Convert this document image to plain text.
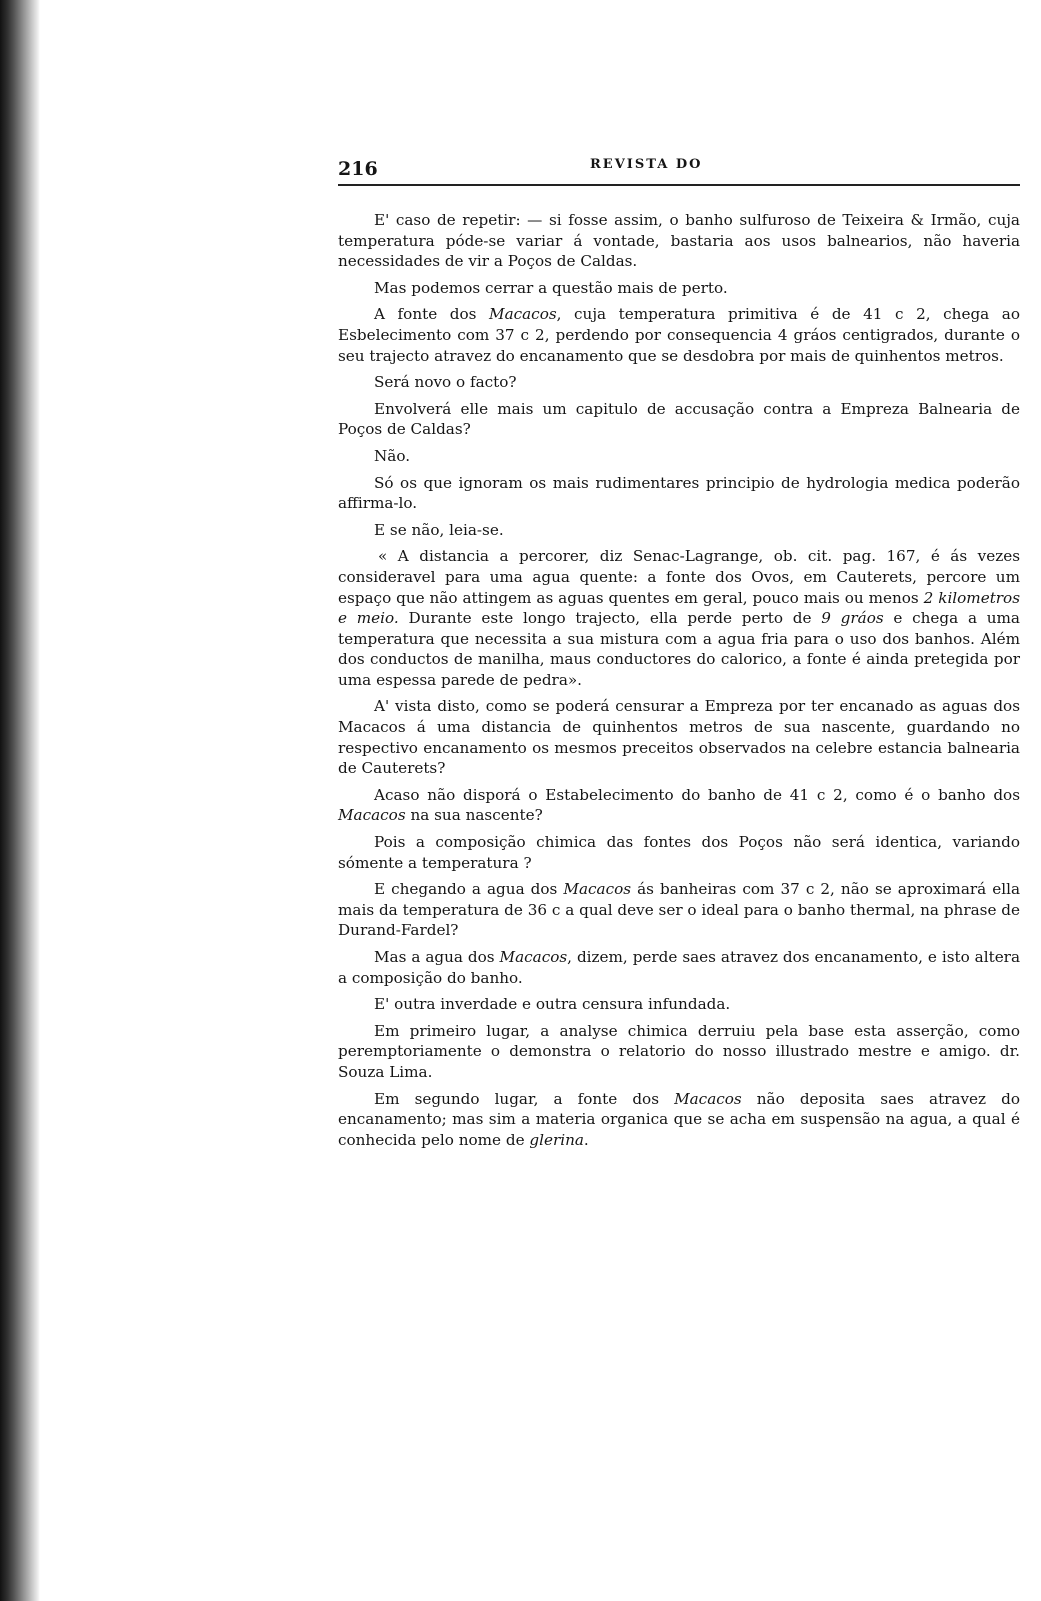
216	REVISTA DO

E' caso de repetir: — si fosse assim, o banho sulfuroso de Teixeira & Irmão, cuja temperatura póde-se variar á vontade, bastaria aos usos balnearios, não haveria necessidades de vir a Poços de Caldas.

Mas podemos cerrar a questão mais de perto.

A fonte dos Macacos, cuja temperatura primitiva é de 41 c 2, chega ao Esbelecimento com 37 c 2, perdendo por consequencia 4 gráos centigrados, durante o seu trajecto atravez do encanamento que se desdobra por mais de quinhentos metros.

Será novo o facto?

Envolverá elle mais um capitulo de accusação contra a Empreza Balnearia de Poços de Caldas?

Não.

Só os que ignoram os mais rudimentares principio de hydrologia medica poderão affirma-lo.

E se não, leia-se.

« A distancia a percorer, diz Senac-Lagrange, ob. cit. pag. 167, é ás vezes consideravel para uma agua quente: a fonte dos Ovos, em Cauterets, percore um espaço que não attingem as aguas quentes em geral, pouco mais ou menos 2 kilometros e meio. Durante este longo trajecto, ella perde perto de 9 gráos e chega a uma temperatura que necessita a sua mistura com a agua fria para o uso dos banhos. Além dos conductos de manilha, maus conductores do calorico, a fonte é ainda pretegida por uma espessa parede de pedra».

A' vista disto, como se poderá censurar a Empreza por ter encanado as aguas dos Macacos á uma distancia de quinhentos metros de sua nascente, guardando no respectivo encanamento os mesmos preceitos observados na celebre estancia balnearia de Cauterets?

Acaso não disporá o Estabelecimento do banho de 41 c 2, como é o banho dos Macacos na sua nascente?

Pois a composição chimica das fontes dos Poços não será identica, variando sómente a temperatura ?

E chegando a agua dos Macacos ás banheiras com 37 c 2, não se aproximará ella mais da temperatura de 36 c a qual deve ser o ideal para o banho thermal, na phrase de Durand-Fardel?

Mas a agua dos Macacos, dizem, perde saes atravez dos encanamento, e isto altera a composição do banho.

E' outra inverdade e outra censura infundada.

Em primeiro lugar, a analyse chimica derruiu pela base esta asserção, como peremptoriamente o demonstra o relatorio do nosso illustrado mestre e amigo. dr. Souza Lima.

Em segundo lugar, a fonte dos Macacos não deposita saes atravez do encanamento; mas sim a materia organica que se acha em suspensão na agua, a qual é conhecida pelo nome de glerina.
